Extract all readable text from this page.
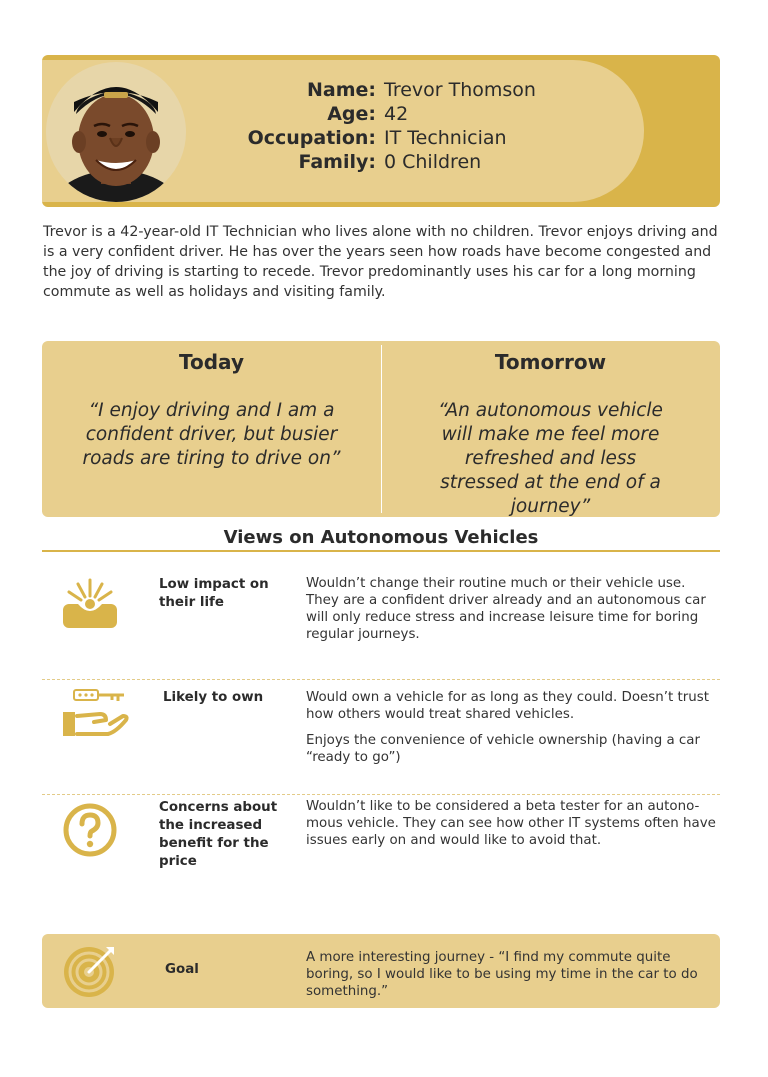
Name: Trevor Thomson
Age: 42
Occupation: IT Technician
Family: 0 Children
Trevor is a 42-year-old IT Technician who lives alone with no children. Trevor enjoys driving and is a very confident driver. He has over the years seen how roads have become congested and the joy of driving is starting to recede. Trevor predominantly uses his car for a long morning commute as well as holidays and visiting family.
Today
“I enjoy driving and I am a confident driver, but busier roads are tiring to drive on”
Tomorrow
“An autonomous vehicle will make me feel more refreshed and less stressed at the end of a journey”
Views on Autonomous Vehicles
Low impact on their life

Wouldn’t change their routine much or their vehicle use. They are a confident driver already and an autonomous car will only reduce stress and increase leisure time for boring regular journeys.

Likely to own	Would own a vehicle for as long as they could. Doesn’t trust how others would treat shared vehicles.

Enjoys the convenience of vehicle ownership (having a car “ready to go”)

Concerns about the increased benefit for the price

Wouldn’t like to be considered a beta tester for an autono-mous vehicle. They can see how other IT systems often have issues early on and would like to avoid that.

Goal
A more interesting journey - “I find my commute quite boring, so I would like to be using my time in the car to do something.”
